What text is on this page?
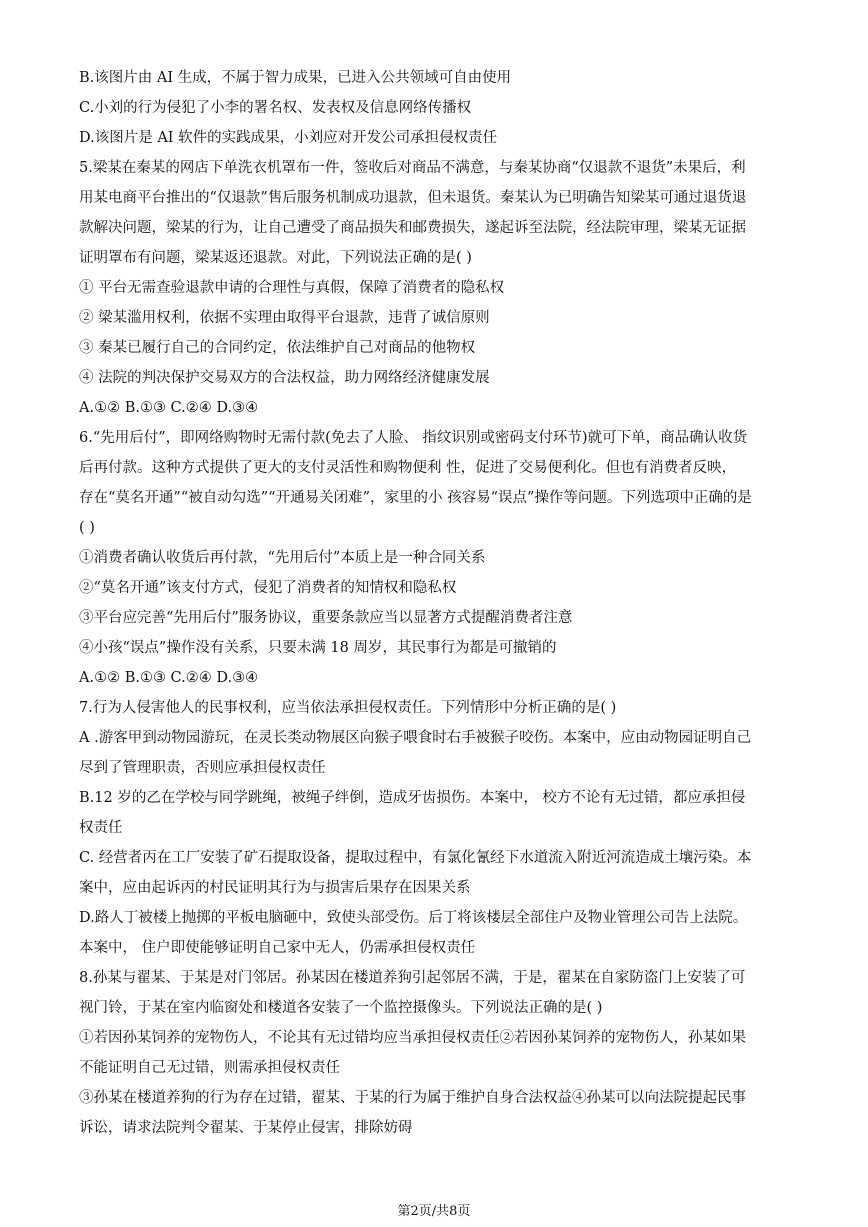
B.该图片由 AI 生成，不属于智力成果，已进入公共领域可自由使用
C.小刘的行为侵犯了小李的署名权、发表权及信息网络传播权
D.该图片是 AI 软件的实践成果，小刘应对开发公司承担侵权责任
5.梁某在秦某的网店下单洗衣机罩布一件，签收后对商品不满意，与秦某协商“仅退款不退货”未果后，利
用某电商平台推出的“仅退款”售后服务机制成功退款，但未退货。秦某认为已明确告知梁某可通过退货退
款解决问题，梁某的行为，让自己遭受了商品损失和邮费损失，遂起诉至法院，经法院审理，梁某无证据
证明罩布有问题，梁某返还退款。对此，下列说法正确的是( )
① 平台无需查验退款申请的合理性与真假，保障了消费者的隐私权
② 梁某滥用权利，依据不实理由取得平台退款，违背了诚信原则
③ 秦某已履行自己的合同约定，依法维护自己对商品的他物权
④ 法院的判决保护交易双方的合法权益，助力网络经济健康发展
A.①② B.①③ C.②④ D.③④
6.“先用后付”，即网络购物时无需付款(免去了人脸、 指纹识别或密码支付环节)就可下单，商品确认收货
后再付款。这种方式提供了更大的支付灵活性和购物便利 性，促进了交易便利化。但也有消费者反映，
存在“莫名开通”“被自动勾选”“开通易关闭难”，家里的小 孩容易“误点”操作等问题。下列选项中正确的是
( )
①消费者确认收货后再付款，“先用后付”本质上是一种合同关系
②“莫名开通”该支付方式，侵犯了消费者的知情权和隐私权
③平台应完善“先用后付”服务协议，重要条款应当以显著方式提醒消费者注意
④小孩“误点”操作没有关系，只要未满 18 周岁，其民事行为都是可撤销的
A.①② B.①③ C.②④ D.③④
7.行为人侵害他人的民事权利，应当依法承担侵权责任。下列情形中分析正确的是( )
A .游客甲到动物园游玩，在灵长类动物展区向猴子喂食时右手被猴子咬伤。本案中，应由动物园证明自己
尽到了管理职责，否则应承担侵权责任
B.12 岁的乙在学校与同学跳绳，被绳子绊倒，造成牙齿损伤。本案中， 校方不论有无过错，都应承担侵
权责任
C. 经营者丙在工厂安装了矿石提取设备，提取过程中，有氯化氰经下水道流入附近河流造成土壤污染。本
案中，应由起诉丙的村民证明其行为与损害后果存在因果关系
D.路人丁被楼上抛掷的平板电脑砸中，致使头部受伤。后丁将该楼层全部住户及物业管理公司告上法院。
本案中， 住户即使能够证明自己家中无人，仍需承担侵权责任
8.孙某与翟某、于某是对门邻居。孙某因在楼道养狗引起邻居不满，于是，翟某在自家防盗门上安装了可
视门铃，于某在室内临窗处和楼道各安装了一个监控摄像头。下列说法正确的是( )
①若因孙某饲养的宠物伤人，不论其有无过错均应当承担侵权责任②若因孙某饲养的宠物伤人，孙某如果
不能证明自己无过错，则需承担侵权责任
③孙某在楼道养狗的行为存在过错，翟某、于某的行为属于维护自身合法权益④孙某可以向法院提起民事
诉讼，请求法院判令翟某、于某停止侵害，排除妨碍
第2页/共8页
